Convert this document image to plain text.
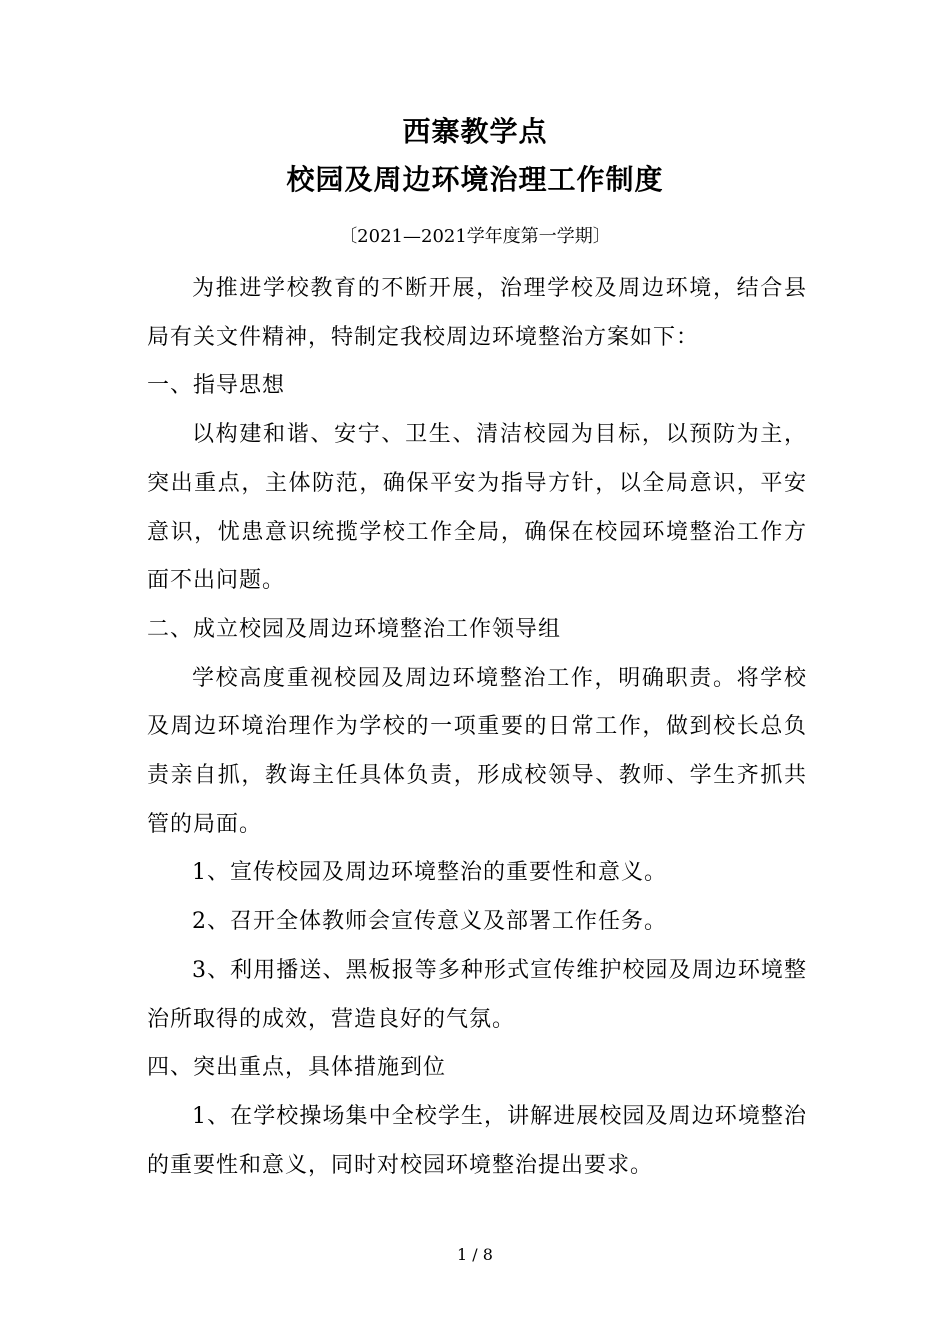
西寨教学点
校园及周边环境治理工作制度
〔2021—2021学年度第一学期〕

为推进学校教育的不断开展，治理学校及周边环境，结合县局有关文件精神，特制定我校周边环境整治方案如下：

一、指导思想

以构建和谐、安宁、卫生、清洁校园为目标，以预防为主，突出重点，主体防范，确保平安为指导方针，以全局意识，平安意识，忧患意识统揽学校工作全局，确保在校园环境整治工作方面不出问题。

二、成立校园及周边环境整治工作领导组

学校高度重视校园及周边环境整治工作，明确职责。将学校及周边环境治理作为学校的一项重要的日常工作，做到校长总负责亲自抓，教诲主任具体负责，形成校领导、教师、学生齐抓共管的局面。

1、宣传校园及周边环境整治的重要性和意义。

2、召开全体教师会宣传意义及部署工作任务。

3、利用播送、黑板报等多种形式宣传维护校园及周边环境整治所取得的成效，营造良好的气氛。

四、突出重点，具体措施到位

1、在学校操场集中全校学生，讲解进展校园及周边环境整治的重要性和意义，同时对校园环境整治提出要求。

1 / 8
